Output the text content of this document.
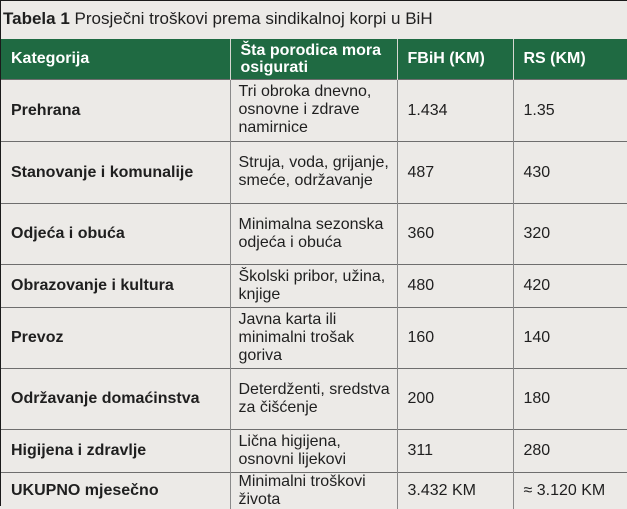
Tabela 1 Prosječni troškovi prema sindikalnoj korpi u BiH
Kategorija	Šta porodica mora osigurati	FBiH (KM)	RS (KM)
Prehrana	Tri obroka dnevno, osnovne i zdrave namirnice	1.434	1.35
Stanovanje i komunalije	Struja, voda, grijanje, smeće, održavanje	487	430
Odjeća i obuća	Minimalna sezonska odjeća i obuća	360	320
Obrazovanje i kultura	Školski pribor, užina, knjige	480	420
Prevoz	Javna karta ili minimalni trošak goriva	160	140
Održavanje domaćinstva	Deterdženti, sredstva za čišćenje	200	180
Higijena i zdravlje	Lična higijena, osnovni lijekovi	311	280
UKUPNO mjesečno	Minimalni troškovi života	3.432 KM	≈ 3.120 KM
